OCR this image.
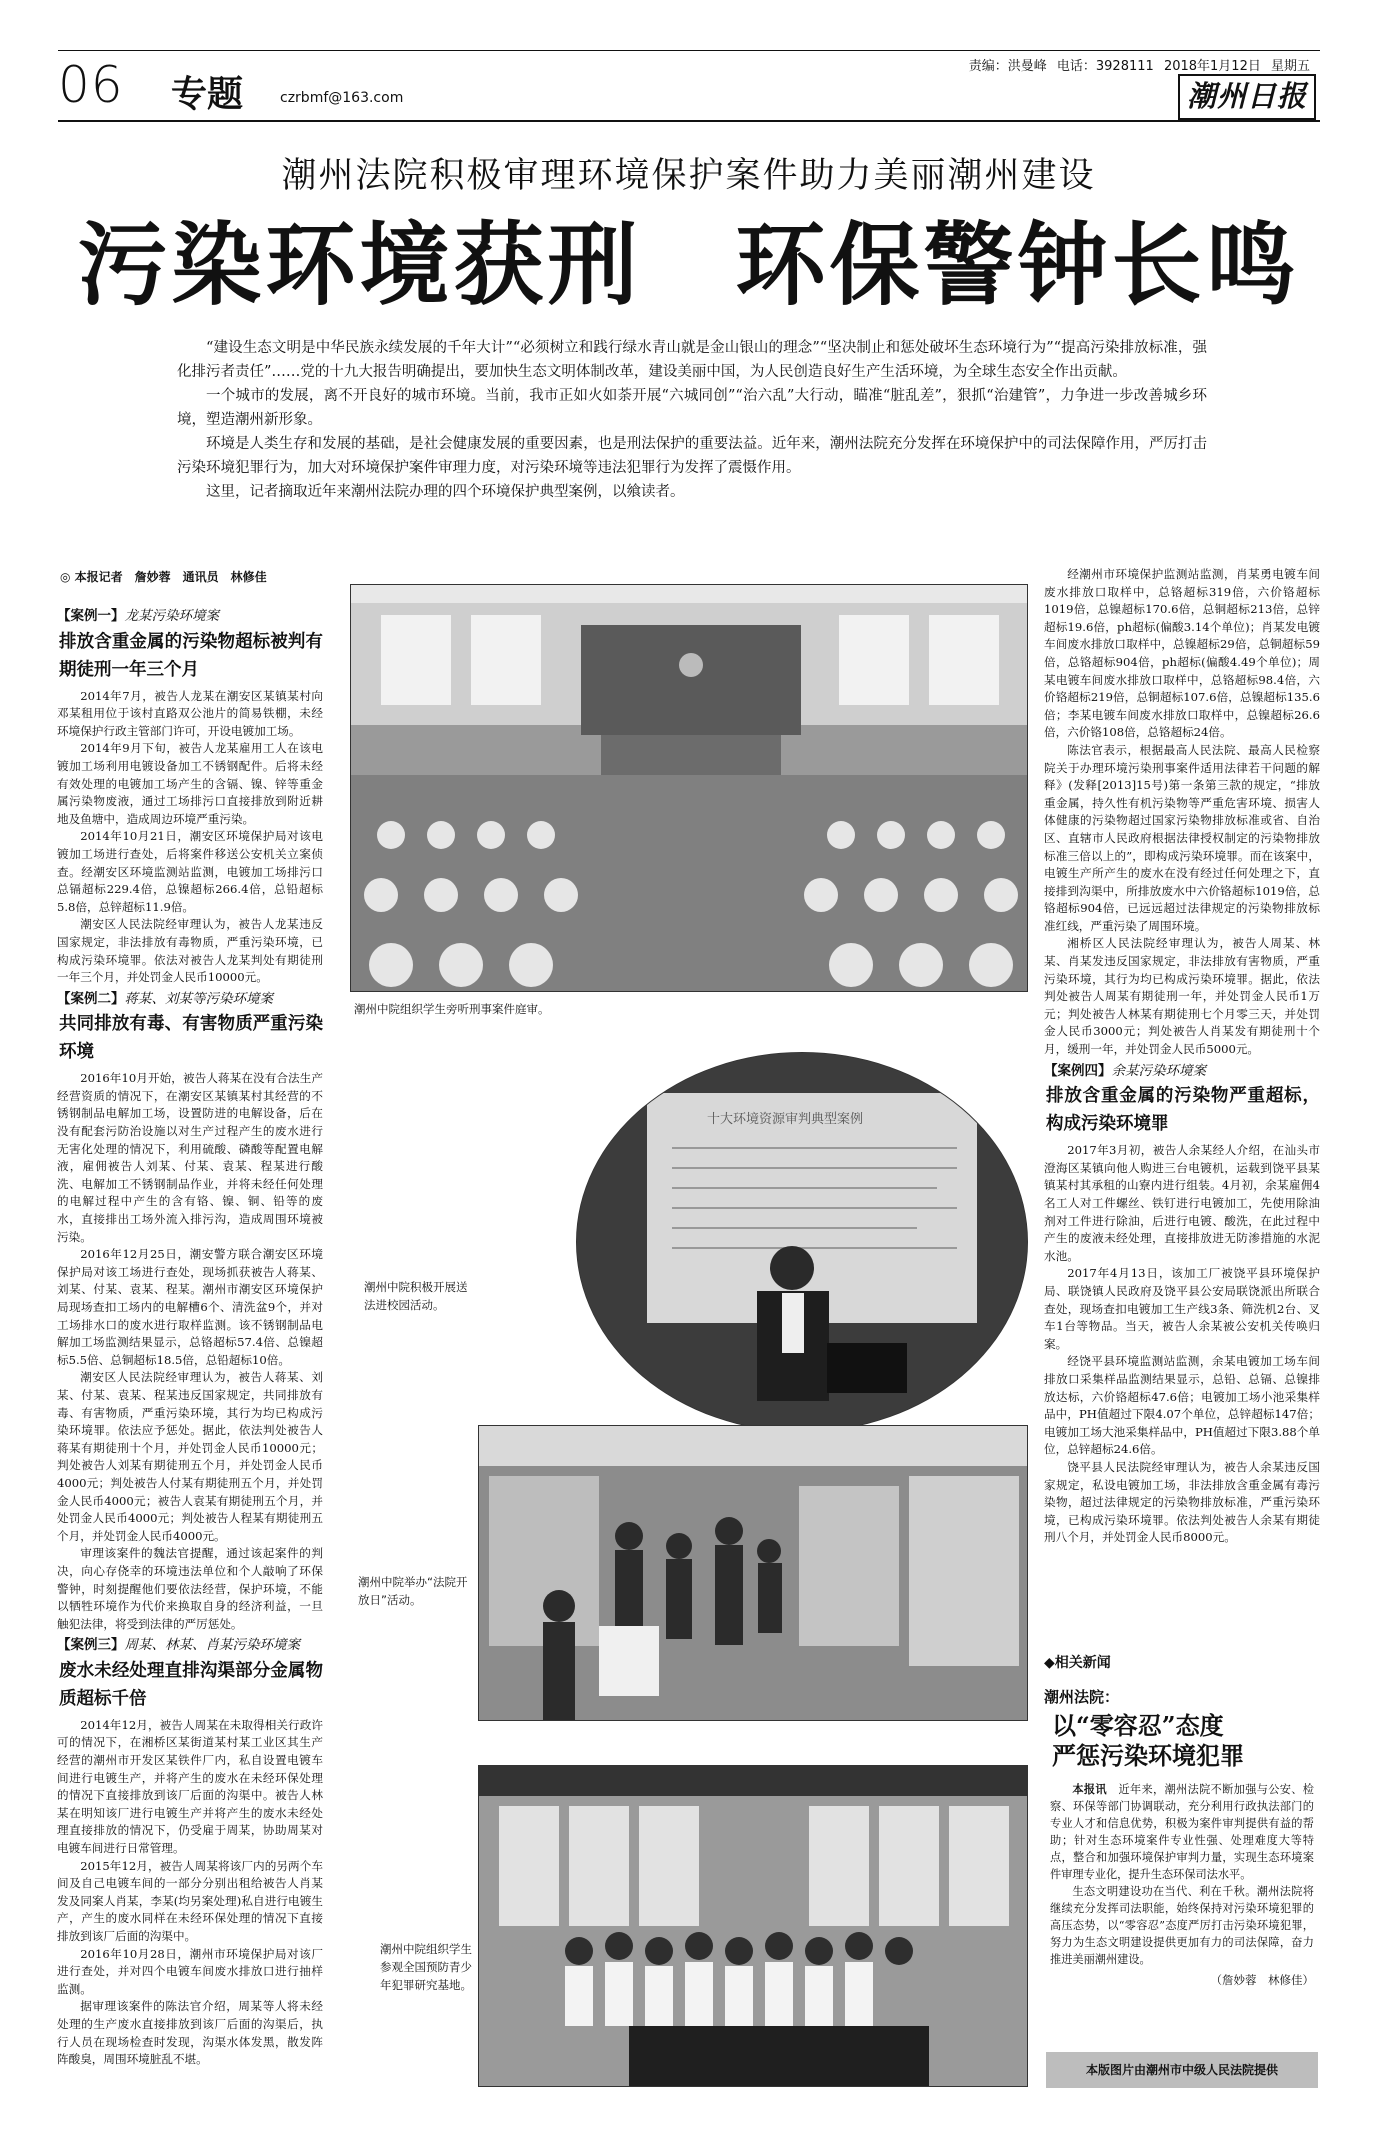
06 专题	czrbmf@163.com
责编：洪曼峰 电话：3928111 2018年1月12日 星期五
潮州日报
潮州法院积极审理环境保护案件助力美丽潮州建设
污染环境获刑　环保警钟长鸣

“建设生态文明是中华民族永续发展的千年大计”“必须树立和践行绿水青山就是金山银山的理念”“坚决制止和惩处破坏生态环境行为”“提高污染排放标准，强化排污者责任”……党的十九大报告明确提出，要加快生态文明体制改革，建设美丽中国，为人民创造良好生产生活环境，为全球生态安全作出贡献。

一个城市的发展，离不开良好的城市环境。当前，我市正如火如荼开展“六城同创”“治六乱”大行动，瞄准“脏乱差”，狠抓“治建管”，力争进一步改善城乡环境，塑造潮州新形象。

环境是人类生存和发展的基础，是社会健康发展的重要因素，也是刑法保护的重要法益。近年来，潮州法院充分发挥在环境保护中的司法保障作用，严厉打击污染环境犯罪行为，加大对环境保护案件审理力度，对污染环境等违法犯罪行为发挥了震慑作用。

这里，记者摘取近年来潮州法院办理的四个环境保护典型案例，以飨读者。

◎ 本报记者　詹妙蓉　通讯员　林修佳
【案例一】龙某污染环境案
排放含重金属的污染物超标被判有期徒刑一年三个月

2014年7月，被告人龙某在潮安区某镇某村向邓某租用位于该村直路双公池片的简易铁棚，未经环境保护行政主管部门许可，开设电镀加工场。

2014年9月下旬，被告人龙某雇用工人在该电镀加工场利用电镀设备加工不锈钢配件。后将未经有效处理的电镀加工场产生的含镉、镍、锌等重金属污染物废液，通过工场排污口直接排放到附近耕地及鱼塘中，造成周边环境严重污染。

2014年10月21日，潮安区环境保护局对该电镀加工场进行查处，后将案件移送公安机关立案侦查。经潮安区环境监测站监测，电镀加工场排污口总镉超标229.4倍，总镍超标266.4倍，总铅超标5.8倍，总锌超标11.9倍。

潮安区人民法院经审理认为，被告人龙某违反国家规定，非法排放有毒物质，严重污染环境，已构成污染环境罪。依法对被告人龙某判处有期徒刑一年三个月，并处罚金人民币10000元。

【案例二】蒋某、刘某等污染环境案
共同排放有毒、有害物质严重污染环境

2016年10月开始，被告人蒋某在没有合法生产经营资质的情况下，在潮安区某镇某村其经营的不锈钢制品电解加工场，设置防进的电解设备，后在没有配套污防治设施以对生产过程产生的废水进行无害化处理的情况下，利用硫酸、磷酸等配置电解液，雇佣被告人刘某、付某、袁某、程某进行酸洗、电解加工不锈钢制品作业，并将未经任何处理的电解过程中产生的含有铬、镍、铜、铅等的废水，直接排出工场外流入排污沟，造成周围环境被污染。

2016年12月25日，潮安警方联合潮安区环境保护局对该工场进行查处，现场抓获被告人蒋某、刘某、付某、袁某、程某。潮州市潮安区环境保护局现场查扣工场内的电解槽6个、清洗盆9个，并对工场排水口的废水进行取样监测。该不锈钢制品电解加工场监测结果显示，总铬超标57.4倍、总镍超标5.5倍、总铜超标18.5倍，总铅超标10倍。

潮安区人民法院经审理认为，被告人蒋某、刘某、付某、袁某、程某违反国家规定，共同排放有毒、有害物质，严重污染环境，其行为均已构成污染环境罪。依法应予惩处。据此，依法判处被告人蒋某有期徒刑十个月，并处罚金人民币10000元；判处被告人刘某有期徒刑五个月，并处罚金人民币4000元；判处被告人付某有期徒刑五个月，并处罚金人民币4000元；被告人袁某有期徒刑五个月，并处罚金人民币4000元；判处被告人程某有期徒刑五个月，并处罚金人民币4000元。

审理该案件的魏法官提醒，通过该起案件的判决，向心存侥幸的环境违法单位和个人敲响了环保警钟，时刻提醒他们要依法经营，保护环境，不能以牺牲环境作为代价来换取自身的经济利益，一旦触犯法律，将受到法律的严厉惩处。

【案例三】周某、林某、肖某污染环境案
废水未经处理直排沟渠部分金属物质超标千倍

2014年12月，被告人周某在未取得相关行政许可的情况下，在湘桥区某街道某村某工业区其生产经营的潮州市开发区某铁件厂内，私自设置电镀车间进行电镀生产，并将产生的废水在未经环保处理的情况下直接排放到该厂后面的沟渠中。被告人林某在明知该厂进行电镀生产并将产生的废水未经处理直接排放的情况下，仍受雇于周某，协助周某对电镀车间进行日常管理。

2015年12月，被告人周某将该厂内的另两个车间及自己电镀车间的一部分分别出租给被告人肖某发及同案人肖某，李某(均另案处理)私自进行电镀生产，产生的废水同样在未经环保处理的情况下直接排放到该厂后面的沟渠中。

2016年10月28日，潮州市环境保护局对该厂进行查处，并对四个电镀车间废水排放口进行抽样监测。

据审理该案件的陈法官介绍，周某等人将未经处理的生产废水直接排放到该厂后面的沟渠后，执行人员在现场检查时发现，沟渠水体发黑，散发阵阵酸臭，周围环境脏乱不堪。

经潮州市环境保护监测站监测，肖某勇电镀车间废水排放口取样中，总铬超标319倍，六价铬超标1019倍，总镍超标170.6倍，总铜超标213倍，总锌超标19.6倍，ph超标(偏酸3.14个单位)；肖某发电镀车间废水排放口取样中，总镍超标29倍，总铜超标59倍，总铬超标904倍，ph超标(偏酸4.49个单位)；周某电镀车间废水排放口取样中，总铬超标98.4倍，六价铬超标219倍，总铜超标107.6倍，总镍超标135.6倍；李某电镀车间废水排放口取样中，总镍超标26.6倍，六价铬108倍，总铬超标24倍。

陈法官表示，根据最高人民法院、最高人民检察院关于办理环境污染刑事案件适用法律若干问题的解释》(发释[2013]15号)第一条第三款的规定，“排放重金属，持久性有机污染物等严重危害环境、损害人体健康的污染物超过国家污染物排放标准或省、自治区、直辖市人民政府根据法律授权制定的污染物排放标准三倍以上的”，即构成污染环境罪。而在该案中，电镀生产所产生的废水在没有经过任何处理之下，直接排到沟渠中，所排放废水中六价铬超标1019倍，总铬超标904倍，已远远超过法律规定的污染物排放标准红线，严重污染了周围环境。

湘桥区人民法院经审理认为，被告人周某、林某、肖某发违反国家规定，非法排放有害物质，严重污染环境，其行为均已构成污染环境罪。据此，依法判处被告人周某有期徒刑一年，并处罚金人民币1万元；判处被告人林某有期徒刑七个月零三天，并处罚金人民币3000元；判处被告人肖某发有期徒刑十个月，缓刑一年，并处罚金人民币5000元。

【案例四】余某污染环境案
排放含重金属的污染物严重超标，构成污染环境罪

2017年3月初，被告人余某经人介绍，在汕头市澄海区某镇向他人购进三台电镀机，运载到饶平县某镇某村其承租的山寮内进行组装。4月初，余某雇佣4名工人对工件螺丝、铁钉进行电镀加工，先使用除油剂对工件进行除油，后进行电镀、酸洗，在此过程中产生的废液未经处理，直接排放进无防渗措施的水泥水池。

2017年4月13日，该加工厂被饶平县环境保护局、联饶镇人民政府及饶平县公安局联饶派出所联合查处，现场查扣电镀加工生产线3条、筛洗机2台、叉车1台等物品。当天，被告人余某被公安机关传唤归案。

经饶平县环境监测站监测，余某电镀加工场车间排放口采集样品监测结果显示，总铅、总镉、总镍排放达标，六价铬超标47.6倍；电镀加工场小池采集样品中，PH值超过下限4.07个单位，总锌超标147倍；电镀加工场大池采集样品中，PH值超过下限3.88个单位，总锌超标24.6倍。

饶平县人民法院经审理认为，被告人余某违反国家规定，私设电镀加工场，非法排放含重金属有毒污染物，超过法律规定的污染物排放标准，严重污染环境，已构成污染环境罪。依法判处被告人余某有期徒刑八个月，并处罚金人民币8000元。

潮州中院组织学生旁听刑事案件庭审。
十大环境资源审判典型案例
潮州中院积极开展送法进校园活动。
潮州中院举办“法院开放日”活动。
潮州中院组织学生参观全国预防青少年犯罪研究基地。
◆相关新闻
潮州法院：
以“零容忍”态度
严惩污染环境犯罪

本报讯　 近年来，潮州法院不断加强与公安、检察、环保等部门协调联动，充分利用行政执法部门的专业人才和信息优势，积极为案件审判提供有益的帮助；针对生态环境案件专业性强、处理难度大等特点，整合和加强环境保护审判力量，实现生态环境案件审理专业化，提升生态环保司法水平。

生态文明建设功在当代、利在千秋。潮州法院将继续充分发挥司法职能，始终保持对污染环境犯罪的高压态势，以“零容忍”态度严厉打击污染环境犯罪，努力为生态文明建设提供更加有力的司法保障，奋力推进美丽潮州建设。

（詹妙蓉　林修佳）
本版图片由潮州市中级人民法院提供
